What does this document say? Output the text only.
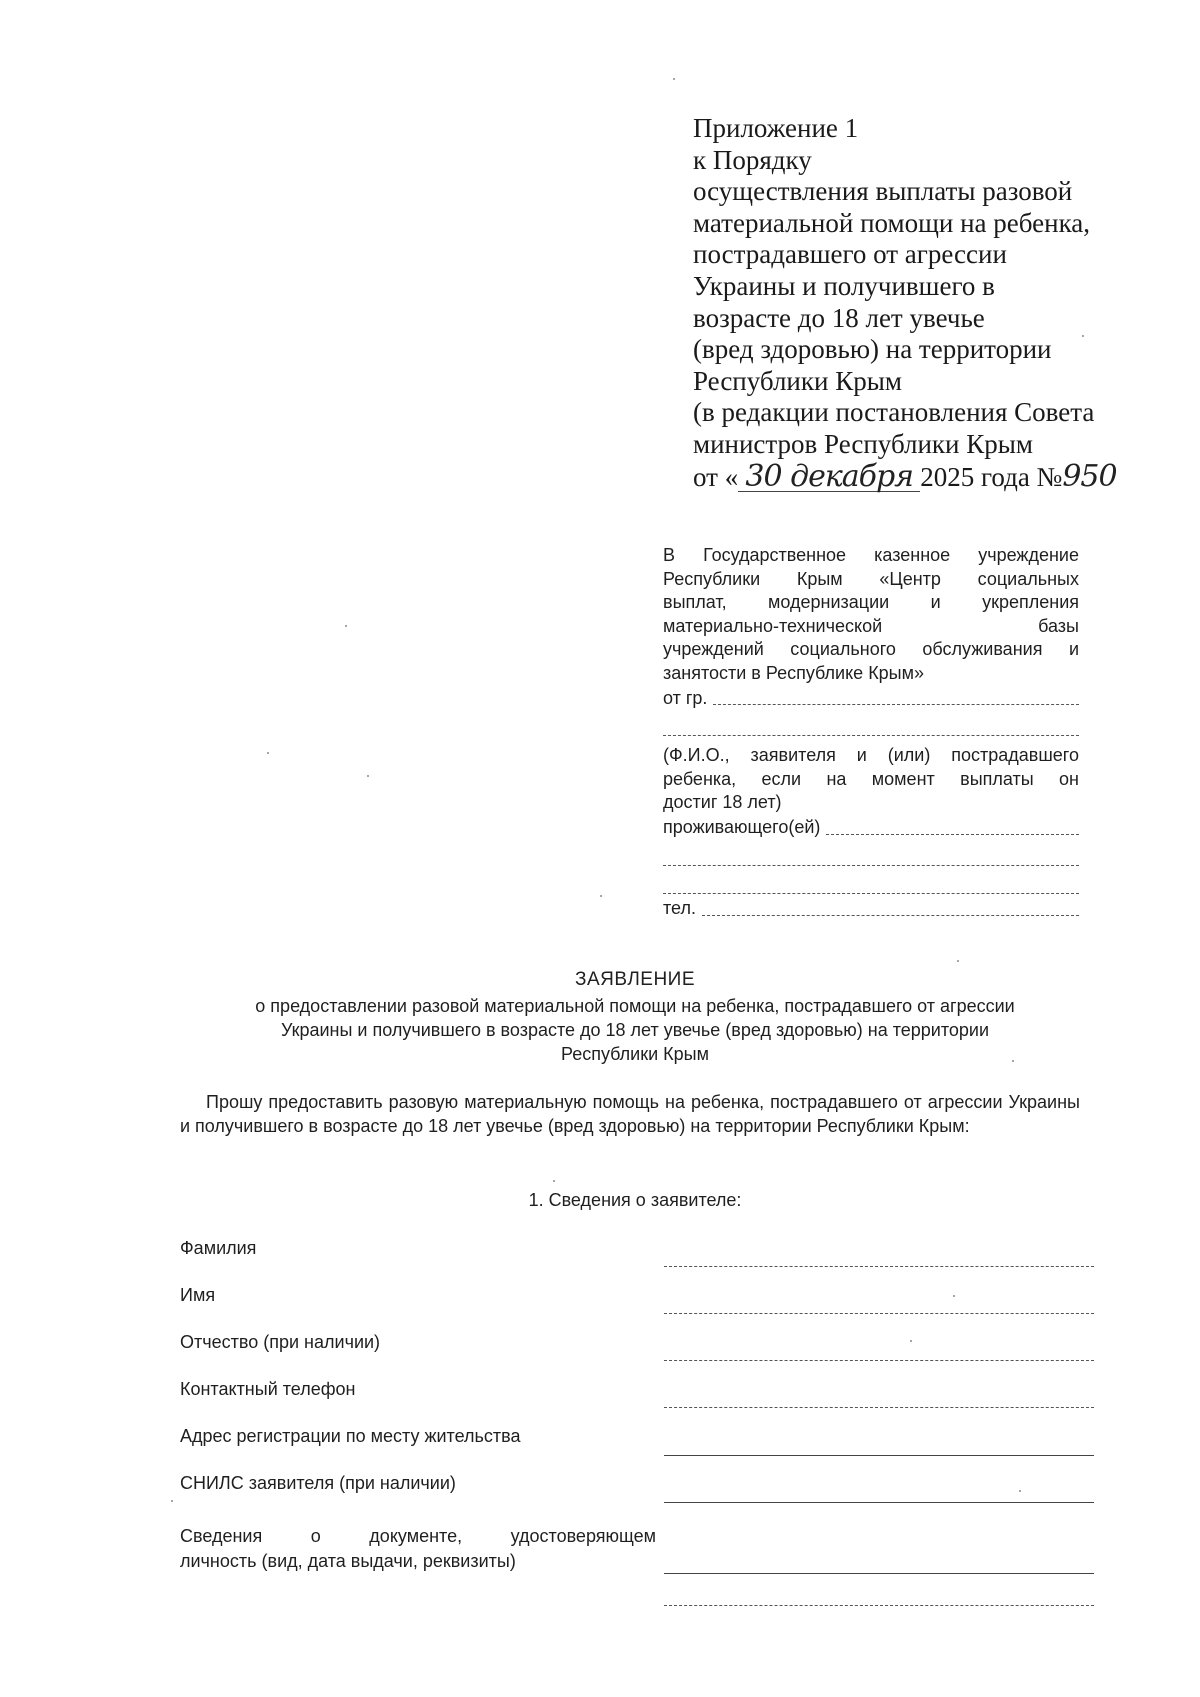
Приложение 1
к Порядку
осуществления выплаты разовой
материальной помощи на ребенка,
пострадавшего от агрессии
Украины и получившего в
возрасте до 18 лет увечье
(вред здоровью) на территории
Республики Крым
(в редакции постановления Совета
министров Республики Крым
от « 30 декабря 2025 года №950
В Государственное казенное учреждение
Республики Крым «Центр социальных
выплат, модернизации и укрепления
материально-технической базы
учреждений социального обслуживания и
занятости в Республике Крым»
от гр.
(Ф.И.О., заявителя и (или) пострадавшего
ребенка, если на момент выплаты он
достиг 18 лет)
проживающего(ей)
тел.
ЗАЯВЛЕНИЕ
о предоставлении разовой материальной помощи на ребенка, пострадавшего от агрессии
Украины и получившего в возрасте до 18 лет увечье (вред здоровью) на территории
Республики Крым
Прошу предоставить разовую материальную помощь на ребенка, пострадавшего от агрессии Украины и получившего в возрасте до 18 лет увечье (вред здоровью) на территории Республики Крым:
1. Сведения о заявителе:
Фамилия
Имя
Отчество (при наличии)
Контактный телефон
Адрес регистрации по месту жительства
СНИЛС заявителя (при наличии)
Сведения о документе, удостоверяющем
личность (вид, дата выдачи, реквизиты)
